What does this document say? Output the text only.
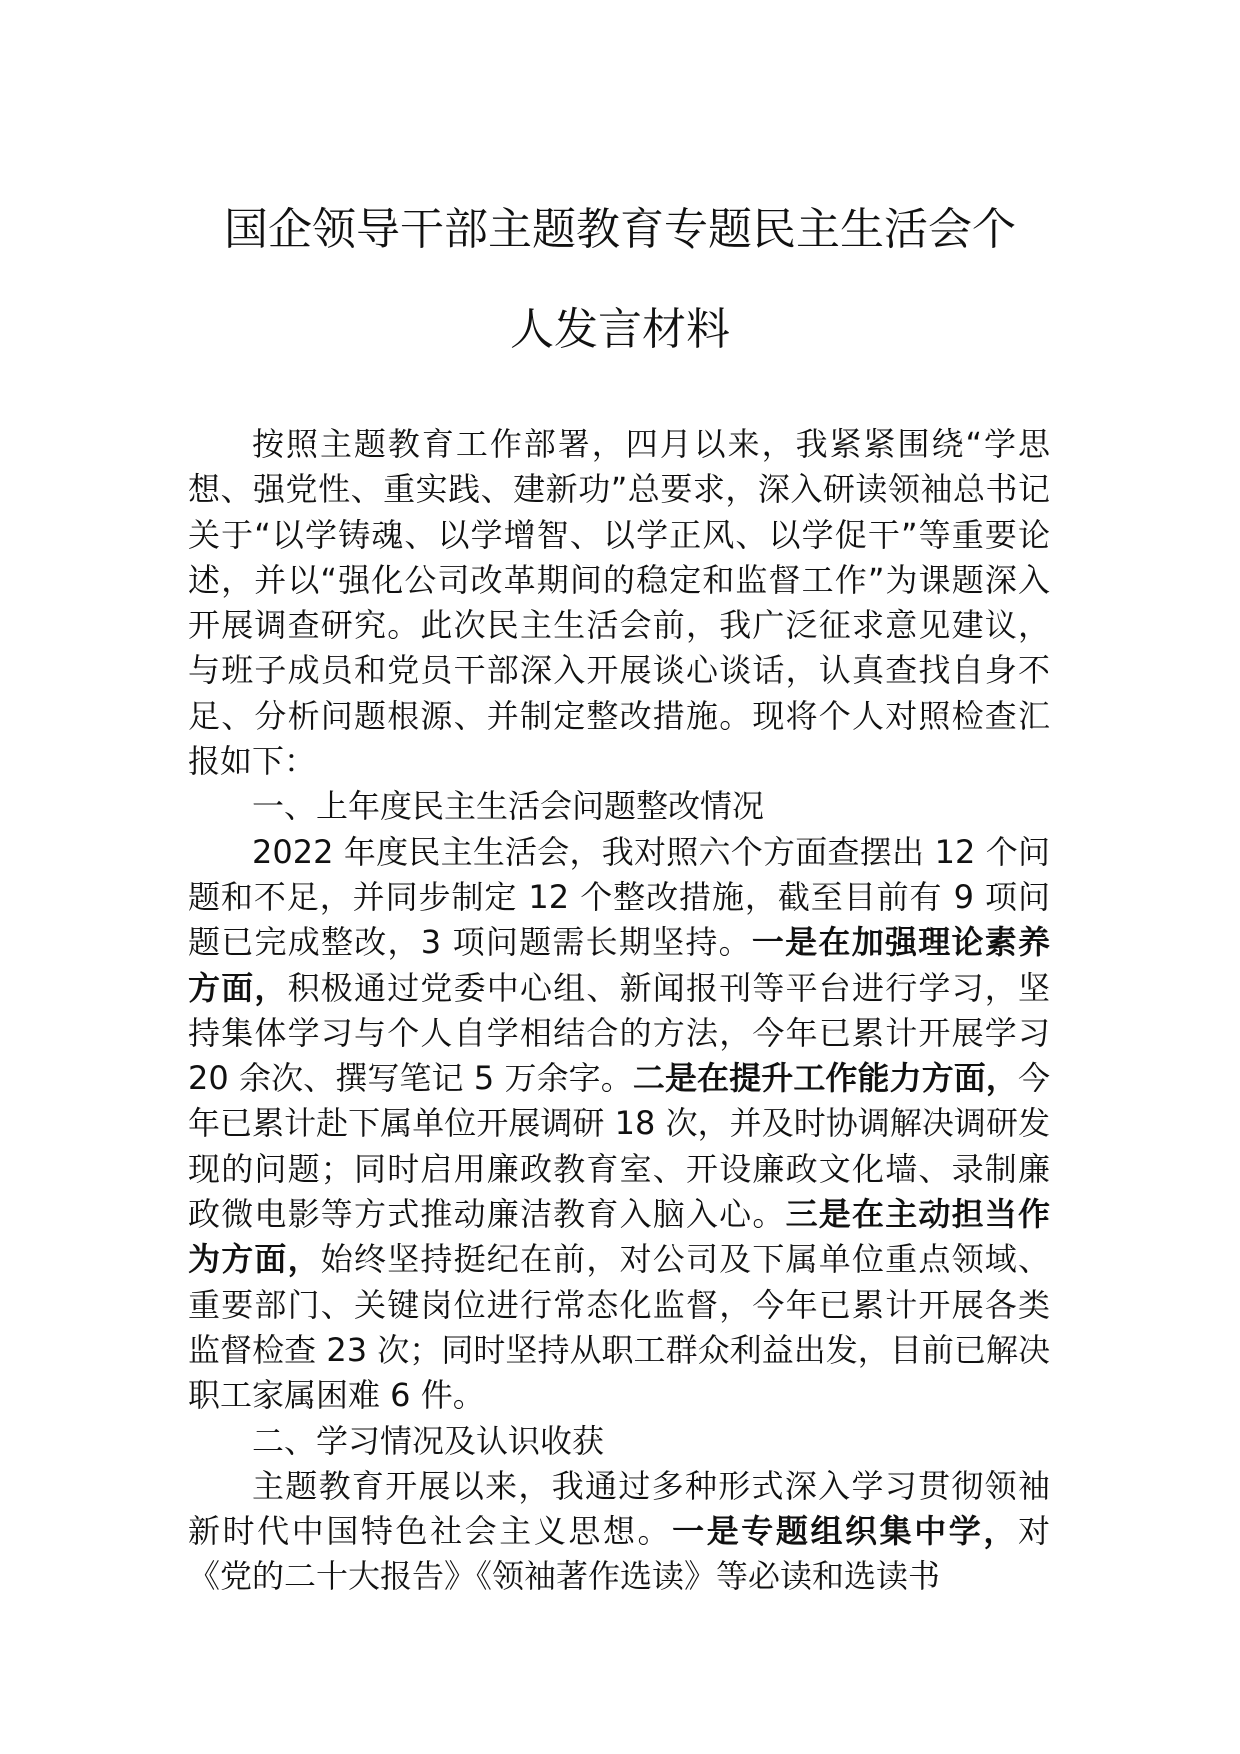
国企领导干部主题教育专题民主生活会个
人发言材料

按照主题教育工作部署，四月以来，我紧紧围绕“学思想、强党性、重实践、建新功”总要求，深入研读领袖总书记关于“以学铸魂、以学增智、以学正风、以学促干”等重要论述，并以“强化公司改革期间的稳定和监督工作”为课题深入开展调查研究。此次民主生活会前，我广泛征求意见建议，与班子成员和党员干部深入开展谈心谈话，认真查找自身不足、分析问题根源、并制定整改措施。现将个人对照检查汇报如下：

一、上年度民主生活会问题整改情况

2022 年度民主生活会，我对照六个方面查摆出 12 个问题和不足，并同步制定 12 个整改措施，截至目前有 9 项问题已完成整改，3 项问题需长期坚持。一是在加强理论素养方面，积极通过党委中心组、新闻报刊等平台进行学习，坚持集体学习与个人自学相结合的方法，今年已累计开展学习 20 余次、撰写笔记 5 万余字。二是在提升工作能力方面，今年已累计赴下属单位开展调研 18 次，并及时协调解决调研发现的问题；同时启用廉政教育室、开设廉政文化墙、录制廉政微电影等方式推动廉洁教育入脑入心。三是在主动担当作为方面，始终坚持挺纪在前，对公司及下属单位重点领域、重要部门、关键岗位进行常态化监督，今年已累计开展各类监督检查 23 次；同时坚持从职工群众利益出发，目前已解决职工家属困难 6 件。

二、学习情况及认识收获

主题教育开展以来，我通过多种形式深入学习贯彻领袖新时代中国特色社会主义思想。一是专题组织集中学，对《党的二十大报告》《领袖著作选读》等必读和选读书
